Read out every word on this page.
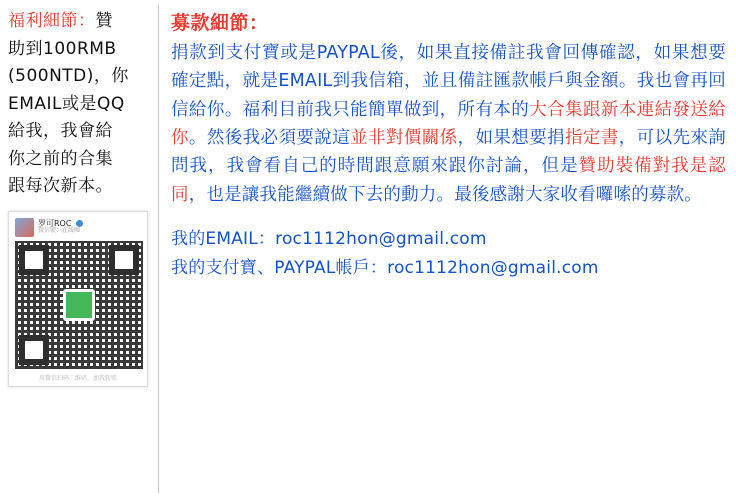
福利細節：贊
助到100RMB
(500NTD)，你
EMAIL或是QQ
給我，我會給
你之前的合集
跟每次新本。
罗可ROC
微信號：在线咖
用微信扫码二维码，加我转账
募款細節：
捐款到支付寶或是PAYPAL後，如果直接備註我會回傳確認，如果想要確定點，就是EMAIL到我信箱，並且備註匯款帳戶與金額。我也會再回信給你。福利目前我只能簡單做到，所有本的大合集跟新本連結發送給你。然後我必須要說這並非對價關係，如果想要捐指定書，可以先來詢問我，我會看自己的時間跟意願來跟你討論，但是贊助裝備對我是認同，也是讓我能繼續做下去的動力。最後感謝大家收看囉嗦的募款。
我的EMAIL：roc1112hon@gmail.com
我的支付寶、PAYPAL帳戶：roc1112hon@gmail.com
